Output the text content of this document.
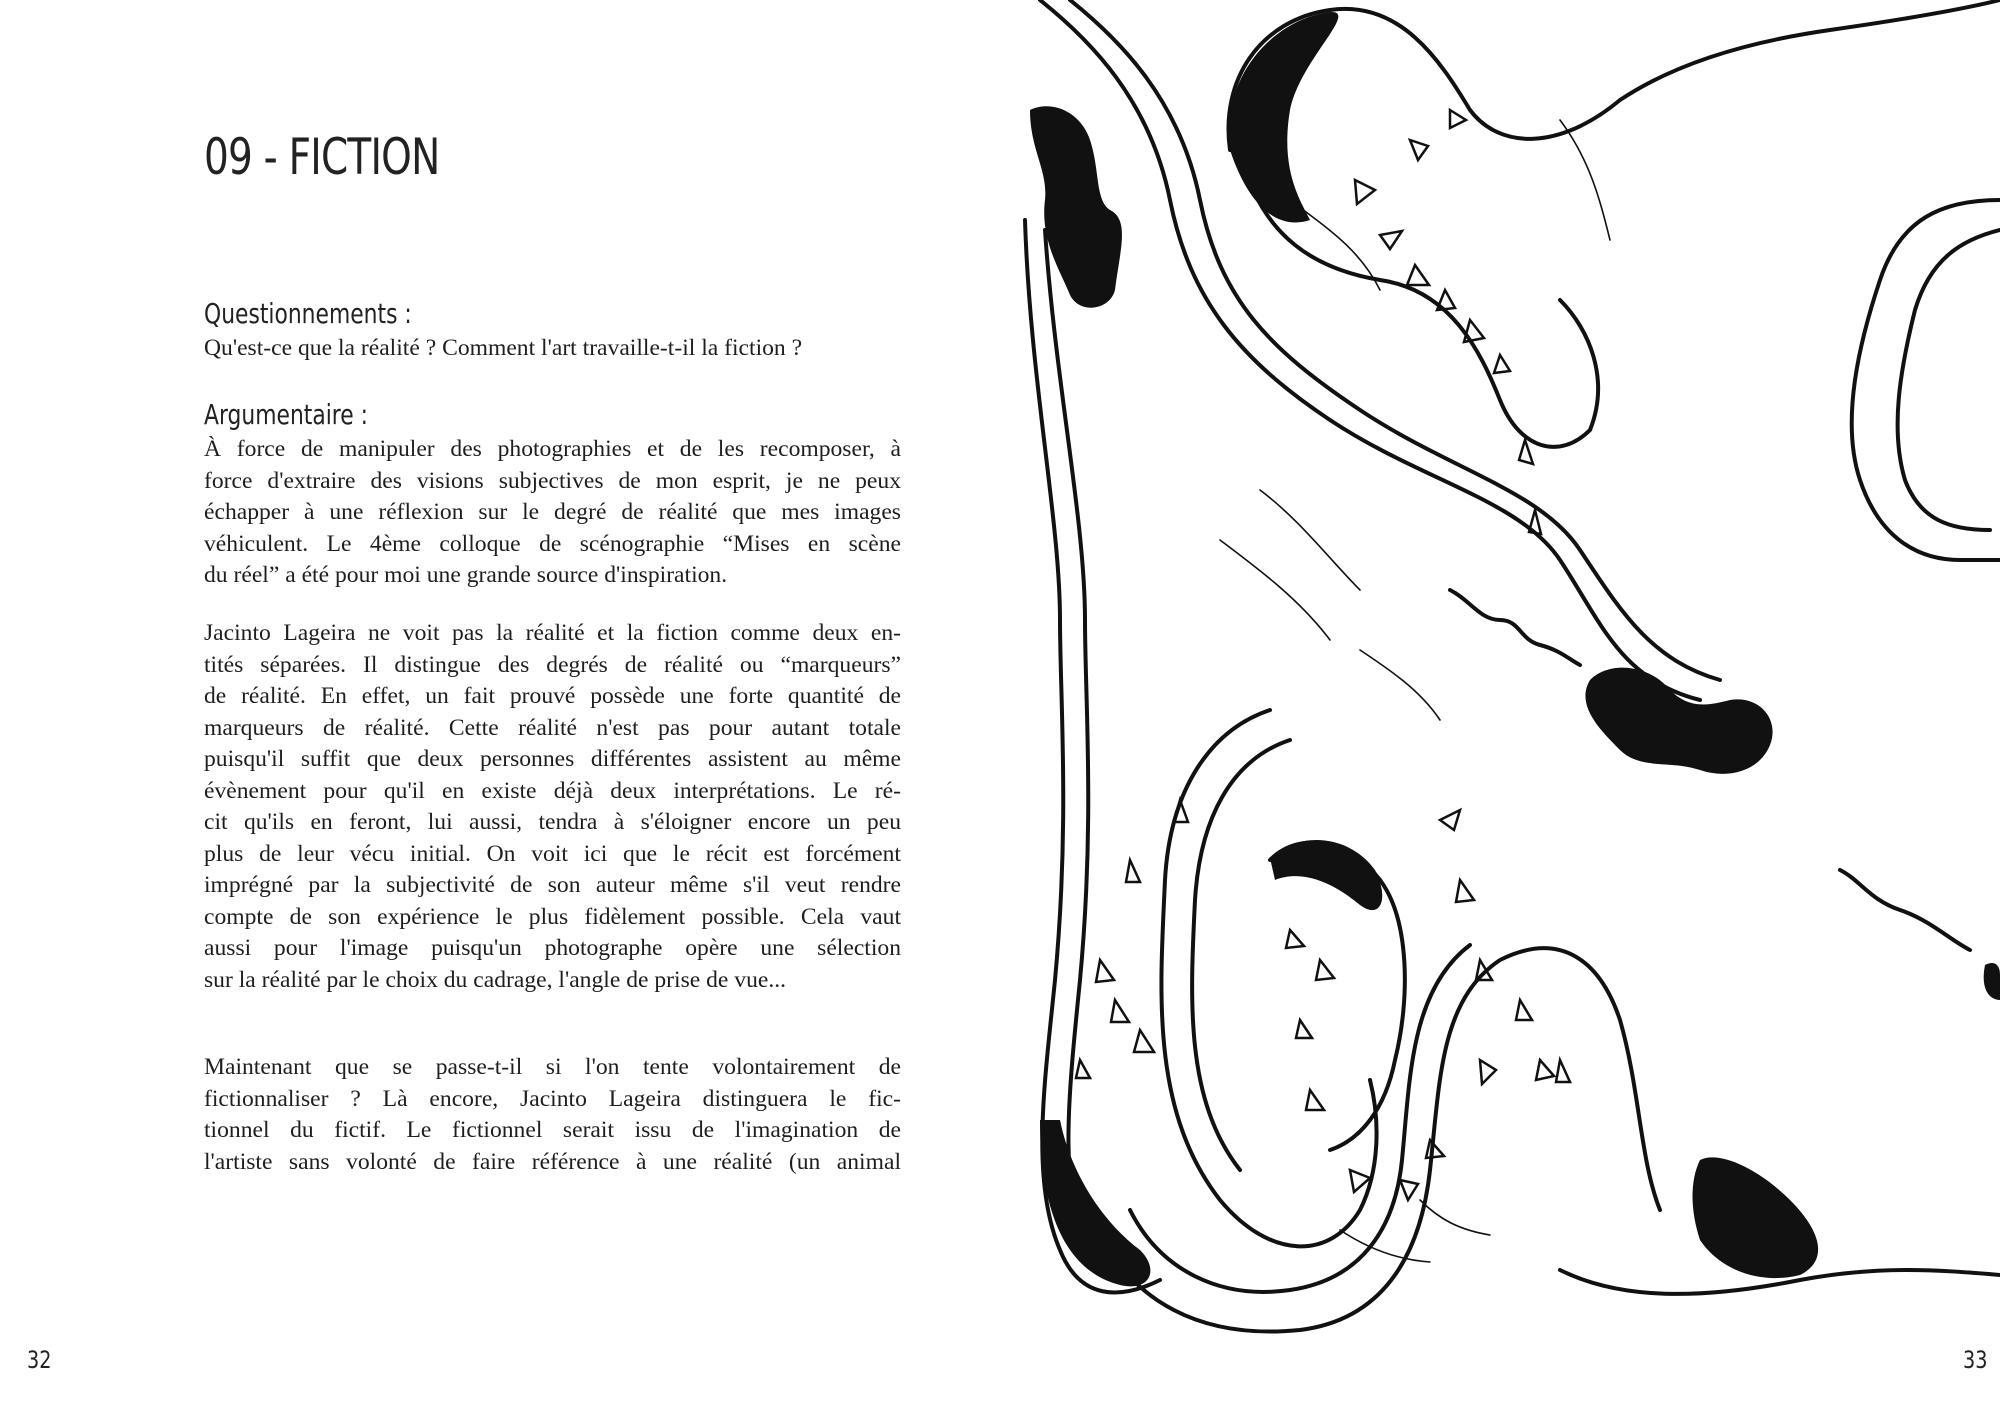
09 - FICTION
Questionnements :

Qu'est-ce que la réalité ? Comment l'art travaille-t-il la fiction ?

Argumentaire :

À force de manipuler des photographies et de les recomposer, à
force d'extraire des visions subjectives de mon esprit, je ne peux
échapper à une réflexion sur le degré de réalité que mes images
véhiculent. Le 4ème colloque de scénographie “Mises en scène
du réel” a été pour moi une grande source d'inspiration.

Jacinto Lageira ne voit pas la réalité et la fiction comme deux en-
tités séparées. Il distingue des degrés de réalité ou “marqueurs”
de réalité. En effet, un fait prouvé possède une forte quantité de
marqueurs de réalité. Cette réalité n'est pas pour autant totale
puisqu'il suffit que deux personnes différentes assistent au même
évènement pour qu'il en existe déjà deux interprétations. Le ré-
cit qu'ils en feront, lui aussi, tendra à s'éloigner encore un peu
plus de leur vécu initial. On voit ici que le récit est forcément
imprégné par la subjectivité de son auteur même s'il veut rendre
compte de son expérience le plus fidèlement possible. Cela vaut
aussi pour l'image puisqu'un photographe opère une sélection
sur la réalité par le choix du cadrage, l'angle de prise de vue...

Maintenant que se passe-t-il si l'on tente volontairement de
fictionnaliser ? Là encore, Jacinto Lageira distinguera le fic-
tionnel du fictif. Le fictionnel serait issu de l'imagination de
l'artiste sans volonté de faire référence à une réalité (un animal

32	33
